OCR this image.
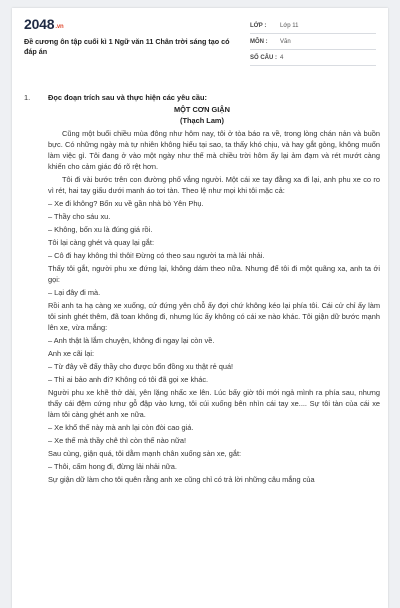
2048.vn
Đề cương ôn tập cuối kì 1 Ngữ văn 11 Chân trời sáng tạo có đáp án
LỚP : Lớp 11
MÔN : Văn
SỐ CÂU : 4
1. Đọc đoạn trích sau và thực hiện các yêu cầu:
MỘT CƠN GIẬN
(Thạch Lam)
Cũng một buổi chiều mùa đông như hôm nay, tôi ở tòa báo ra về, trong lòng chán nản và buồn bực. Có những ngày mà tự nhiên không hiểu tại sao, ta thấy khó chịu, và hay gắt gỏng, không muốn làm việc gì. Tôi đang ở vào một ngày như thế mà chiều trời hôm ấy lại ảm đạm và rét mướt càng khiến cho cảm giác đó rõ rệt hơn.
Tôi đi vài bước trên con đường phố vắng người. Một cái xe tay đằng xa đi lại, anh phu xe co ro vì rét, hai tay giấu dưới manh áo tơi tàn. Theo lệ như mọi khi tôi mặc cả:
– Xe đi không? Bốn xu về gần nhà bò Yên Phụ.
– Thầy cho sáu xu.
– Không, bốn xu là đúng giá rồi.
Tôi lại càng ghét và quay lại gắt:
– Cô đi hay không thì thôi! Đừng có theo sau người ta mà lải nhải.
Thấy tôi gắt, người phu xe đứng lại, không dám theo nữa. Nhưng để tôi đi một quãng xa, anh ta ới gọi:
– Lại đây đi mà.
Rồi anh ta hạ càng xe xuống, cứ đứng yên chỗ ấy đợi chứ không kéo lại phía tôi. Cái cử chỉ ấy làm tôi sinh ghét thêm, đã toan không đi, nhưng lúc ấy không có cái xe nào khác. Tôi giận dữ bước mạnh lên xe, vừa mắng:
– Anh thật là lắm chuyện, không đi ngay lại còn về.
Anh xe cãi lại:
– Từ đây về đấy thầy cho được bốn đồng xu thật rẻ quá!
– Thì ai bảo anh đi? Không có tôi đã gọi xe khác.
Người phu xe khẽ thở dài, yên lặng nhấc xe lên. Lúc bấy giờ tôi mới ngả mình ra phía sau, nhưng thấy cái đệm cứng như gỗ đập vào lưng, tôi cúi xuống bên nhìn cái tay xe.... Sự tôi tàn của cái xe làm tôi càng ghét anh xe nữa.
– Xe khổ thế này mà anh lại còn đòi cao giá.
– Xe thế mà thầy chê thì còn thế nào nữa!
Sau cùng, giận quá, tôi dằm mạnh chân xuống sàn xe, gắt:
– Thôi, cấm hong đi, đừng lải nhải nữa.
Sự giận dữ làm cho tôi quên rằng anh xe cũng chỉ có trả lời những câu mắng của
